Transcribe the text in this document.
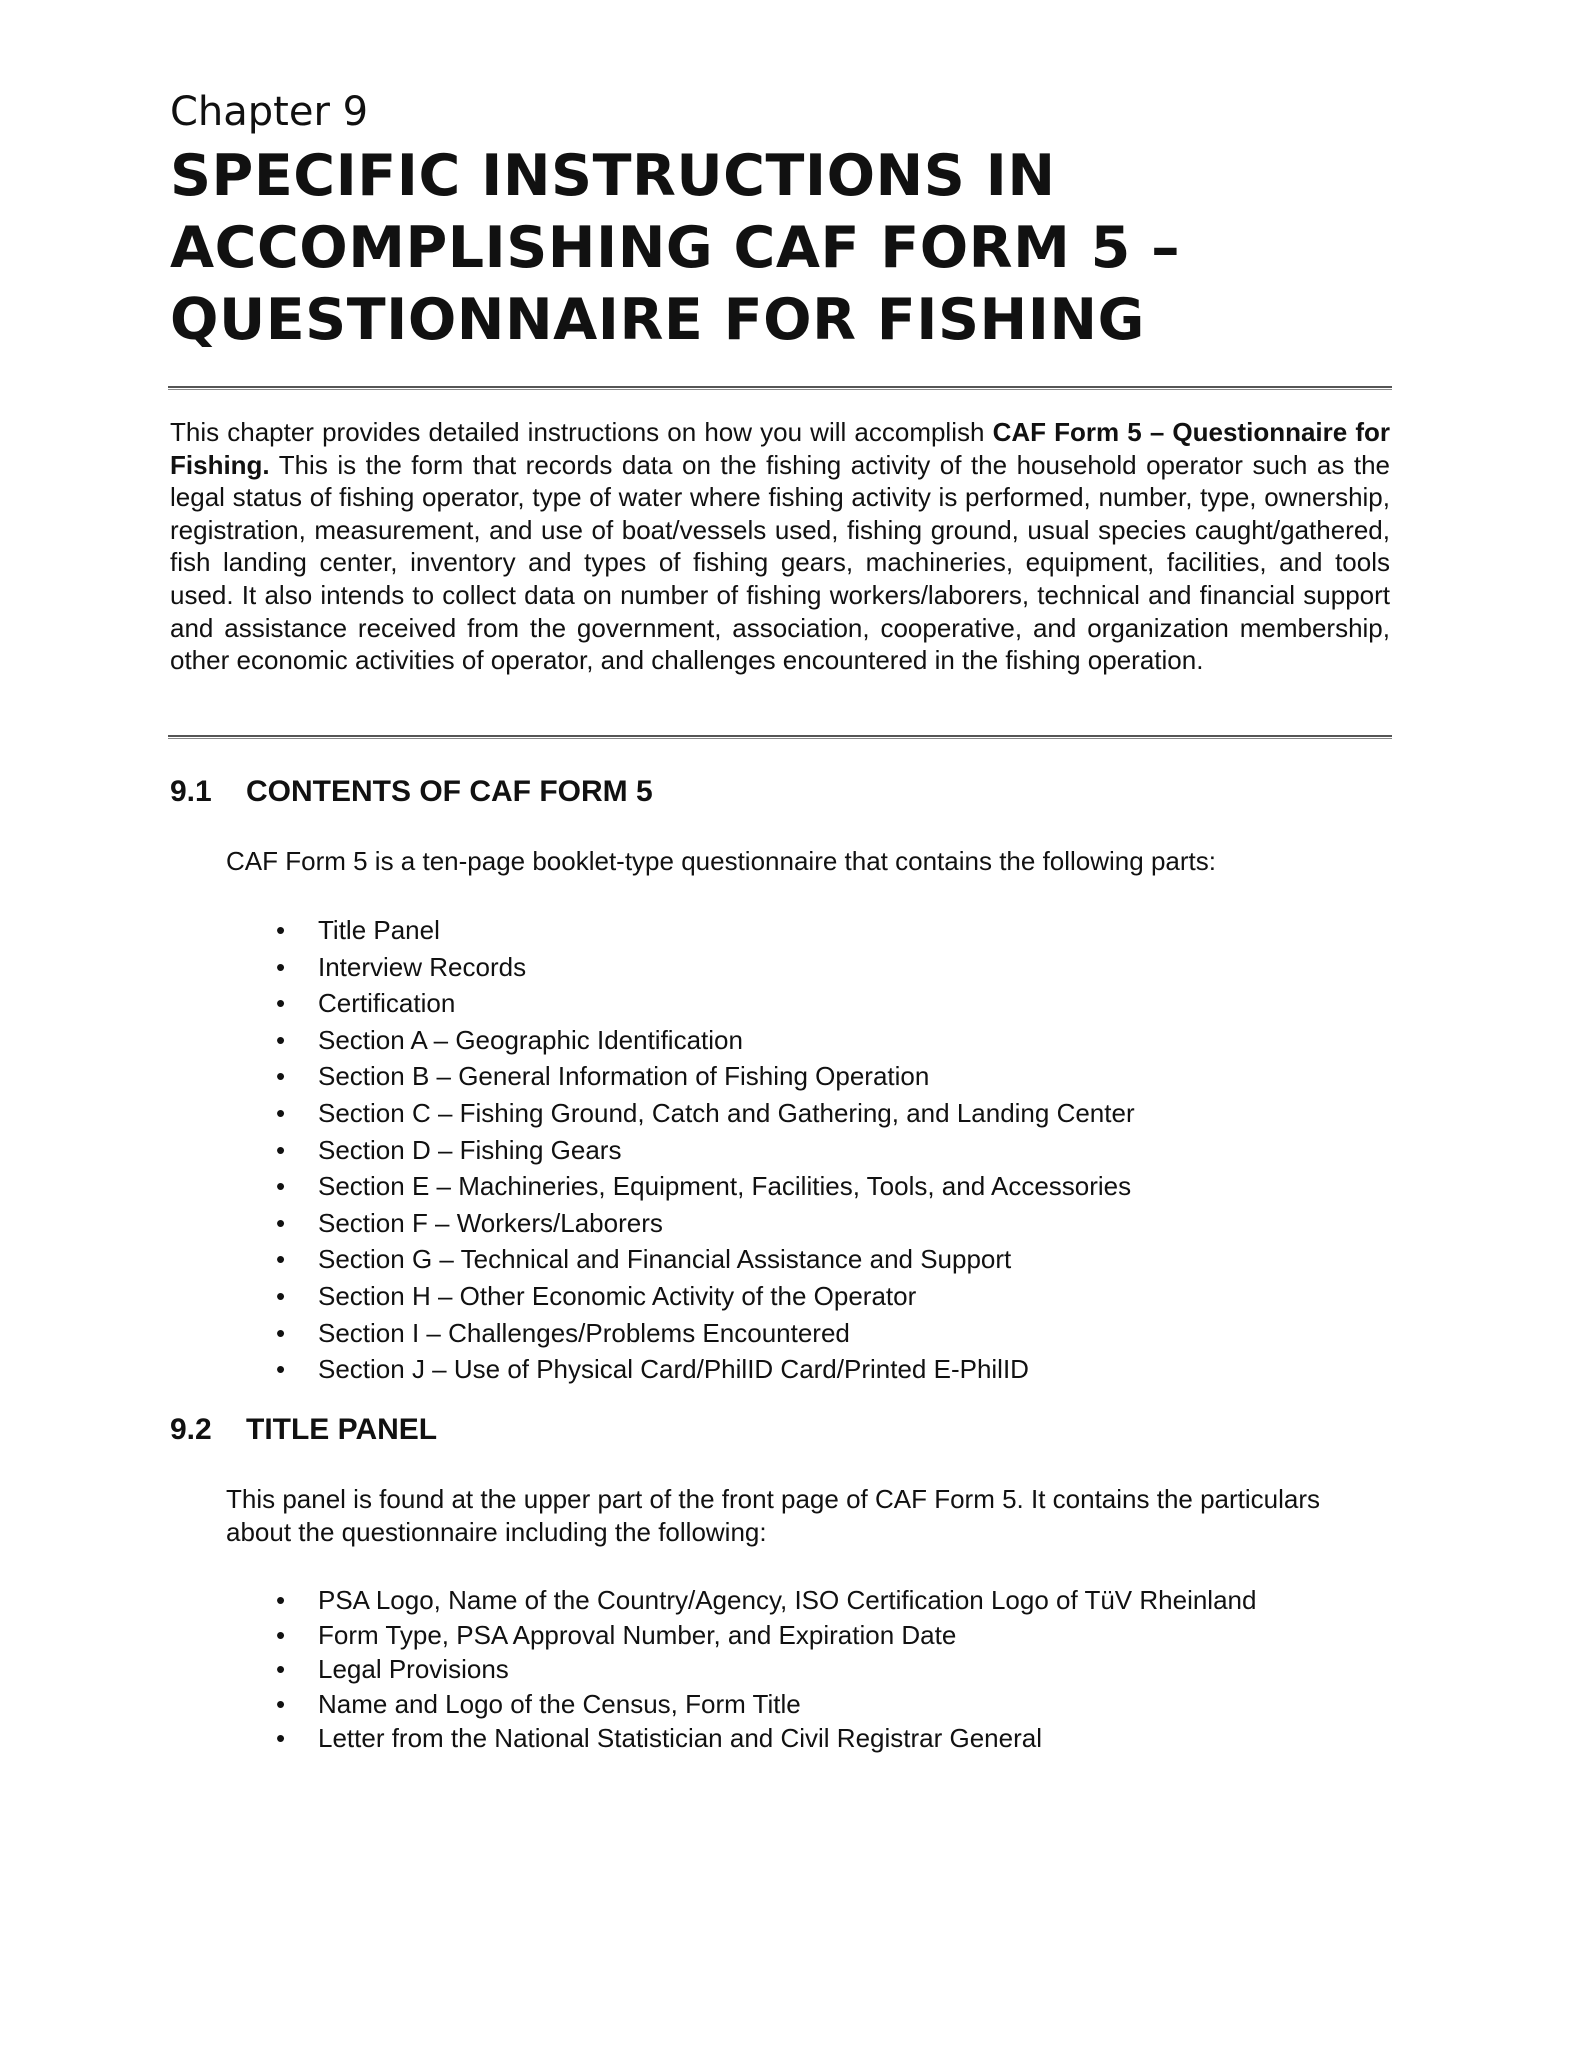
Chapter 9
SPECIFIC INSTRUCTIONS IN
ACCOMPLISHING CAF FORM 5 –
QUESTIONNAIRE FOR FISHING

This chapter provides detailed instructions on how you will accomplish CAF Form 5 – Questionnaire for Fishing. This is the form that records data on the fishing activity of the household operator such as the legal status of fishing operator, type of water where fishing activity is performed, number, type, ownership, registration, measurement, and use of boat/vessels used, fishing ground, usual species caught/gathered, fish landing center, inventory and types of fishing gears, machineries, equipment, facilities, and tools used. It also intends to collect data on number of fishing workers/laborers, technical and financial support and assistance received from the government, association, cooperative, and organization membership, other economic activities of operator, and challenges encountered in the fishing operation.

9.1 CONTENTS OF CAF FORM 5

CAF Form 5 is a ten-page booklet-type questionnaire that contains the following parts:

• Title Panel
• Interview Records
• Certification
• Section A – Geographic Identification
• Section B – General Information of Fishing Operation
• Section C – Fishing Ground, Catch and Gathering, and Landing Center
• Section D – Fishing Gears
• Section E – Machineries, Equipment, Facilities, Tools, and Accessories
• Section F – Workers/Laborers
• Section G – Technical and Financial Assistance and Support
• Section H – Other Economic Activity of the Operator
• Section I – Challenges/Problems Encountered
• Section J – Use of Physical Card/PhilID Card/Printed E-PhilID
9.2 TITLE PANEL

This panel is found at the upper part of the front page of CAF Form 5. It contains the particulars about the questionnaire including the following:

• PSA Logo, Name of the Country/Agency, ISO Certification Logo of TüV Rheinland
• Form Type, PSA Approval Number, and Expiration Date
• Legal Provisions
• Name and Logo of the Census, Form Title
• Letter from the National Statistician and Civil Registrar General
